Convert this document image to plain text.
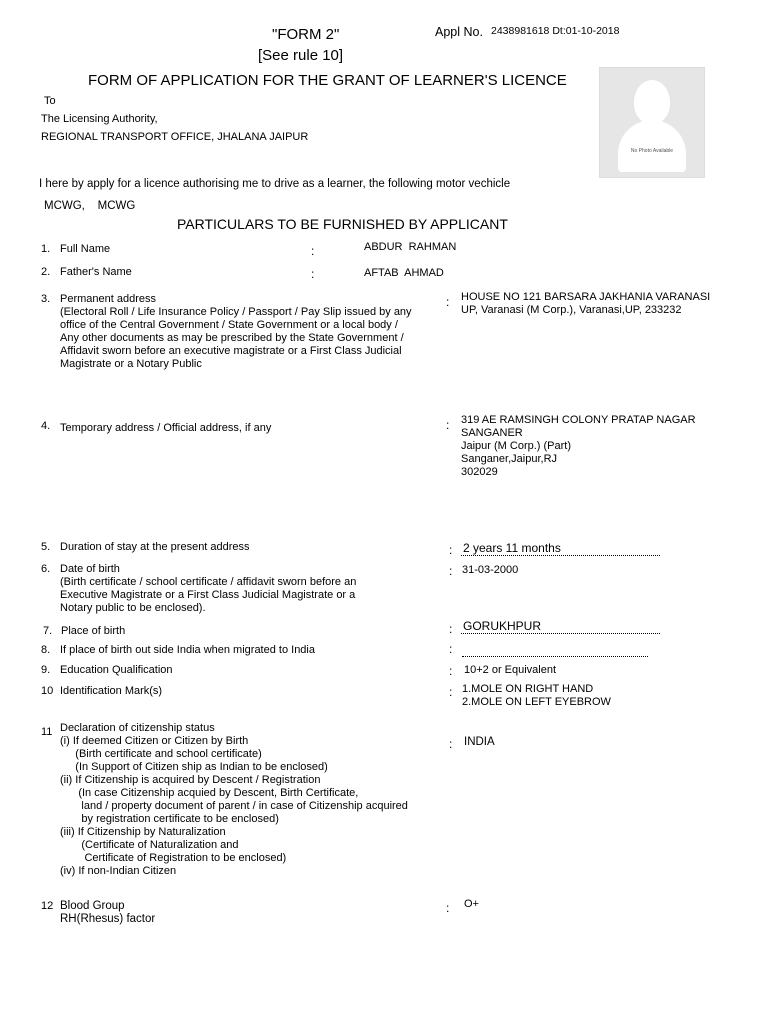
"FORM 2"
[See rule 10]
Appl No. 2438981618 Dt:01-10-2018
FORM OF APPLICATION FOR THE GRANT OF LEARNER'S LICENCE
No Photo Available
To
The Licensing Authority,
REGIONAL TRANSPORT OFFICE, JHALANA JAIPUR
I here by apply for a licence authorising me to drive as a learner, the following motor vechicle
MCWG,    MCWG
PARTICULARS TO BE FURNISHED BY APPLICANT
1. Full Name	:	ABDUR  RAHMAN
2. Father's Name	:	AFTAB  AHMAD
3. Permanent address
(Electoral Roll / Life Insurance Policy / Passport / Pay Slip issued by any
office of the Central Government / State Government or a local body /
Any other documents as may be prescribed by the State Government /
Affidavit sworn before an executive magistrate or a First Class Judicial
Magistrate or a Notary Public
: HOUSE NO 121 BARSARA JAKHANIA VARANASI
UP, Varanasi (M Corp.), Varanasi,UP, 233232
4. Temporary address / Official address, if any	: 319 AE RAMSINGH COLONY PRATAP NAGAR
SANGANER
Jaipur (M Corp.) (Part)
Sanganer,Jaipur,RJ
302029
5. Duration of stay at the present address	: 2 years 11 months
6. Date of birth
(Birth certificate / school certificate / affidavit sworn before an
Executive Magistrate or a First Class Judicial Magistrate or a
Notary public to be enclosed).
: 31-03-2000
7. Place of birth	: GORUKHPUR
8. If place of birth out side India when migrated to India	:
9. Education Qualification	: 10+2 or Equivalent
10 Identification Mark(s)	: 1.MOLE ON RIGHT HAND
2.MOLE ON LEFT EYEBROW
11 Declaration of citizenship status
(i) If deemed Citizen or Citizen by Birth
(Birth certificate and school certificate)
(In Support of Citizen ship as Indian to be enclosed)
(ii) If Citizenship is acquired by Descent / Registration
(In case Citizenship acquied by Descent, Birth Certificate,
land / property document of parent / in case of Citizenship acquired
by registration certificate to be enclosed)
(iii) If Citizenship by Naturalization
(Certificate of Naturalization and
Certificate of Registration to be enclosed)
(iv) If non-Indian Citizen
: INDIA
12 Blood Group
RH(Rhesus) factor
: O+
